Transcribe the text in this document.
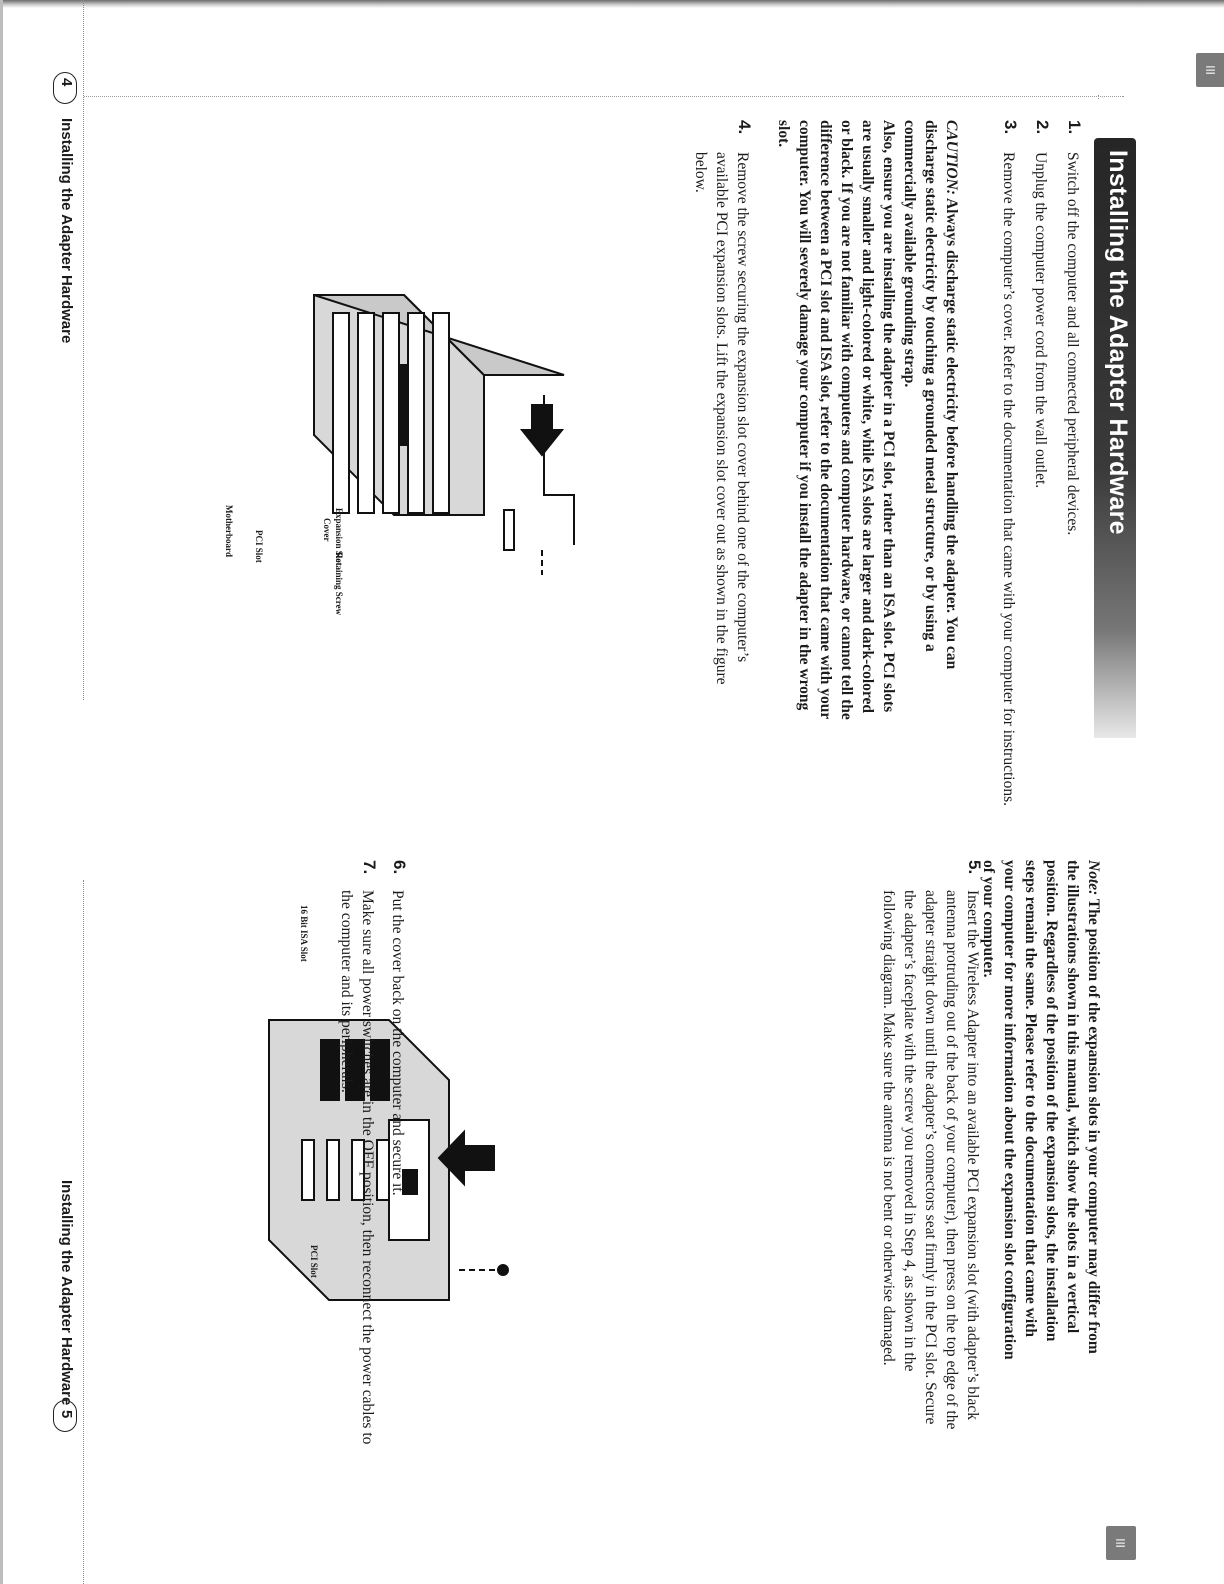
≡
Installing the Adapter Hardware
1.
Switch off the computer and all connected peripheral devices.
2.
Unplug the computer power cord from the wall outlet.
3.
Remove the computer’s cover. Refer to the documentation that came with your computer for instructions.
CAUTION: Always discharge static electricity before handling the adapter. You can discharge static electricity by touching a grounded metal structure, or by using a commercially available grounding strap.
Also, ensure you are installing the adapter in a PCI slot, rather than an ISA slot. PCI slots are usually smaller and light-colored or white, while ISA slots are larger and dark-colored or black. If you are not familiar with computers and computer hardware, or cannot tell the difference between a PCI slot and ISA slot, refer to the documentation that came with your computer. You will severely damage your computer if you install the adapter in the wrong slot.
4.
Remove the screw securing the expansion slot cover behind one of the computer’s available PCI expansion slots. Lift the expansion slot cover out as shown in the figure below.
Retaining Screw
Expansion Slot
Cover
PCI Slot
Motherboard
4
Installing the Adapter Hardware
Note: The position of the expansion slots in your computer may differ from the illustrations shown in this manual, which show the slots in a vertical position. Regardless of the position of the expansion slots, the installation steps remain the same. Please refer to the documentation that came with your computer for more information about the expansion slot configuration of your computer.
5.
Insert the Wireless Adapter into an available PCI expansion slot (with adapter’s black antenna protruding out of the back of your computer), then press on the top edge of the adapter straight down until the adapter’s connectors seat firmly in the PCI slot. Secure the adapter’s faceplate with the screw you removed in Step 4, as shown in the following diagram. Make sure the antenna is not bent or otherwise damaged.
16 Bit ISA Slot
PCI Slot
6.
Put the cover back on the computer and secure it.
7.
Make sure all power switches are in the OFF position, then reconnect the power cables to the computer and its peripherals.
≡
Installing the Adapter Hardware
5
